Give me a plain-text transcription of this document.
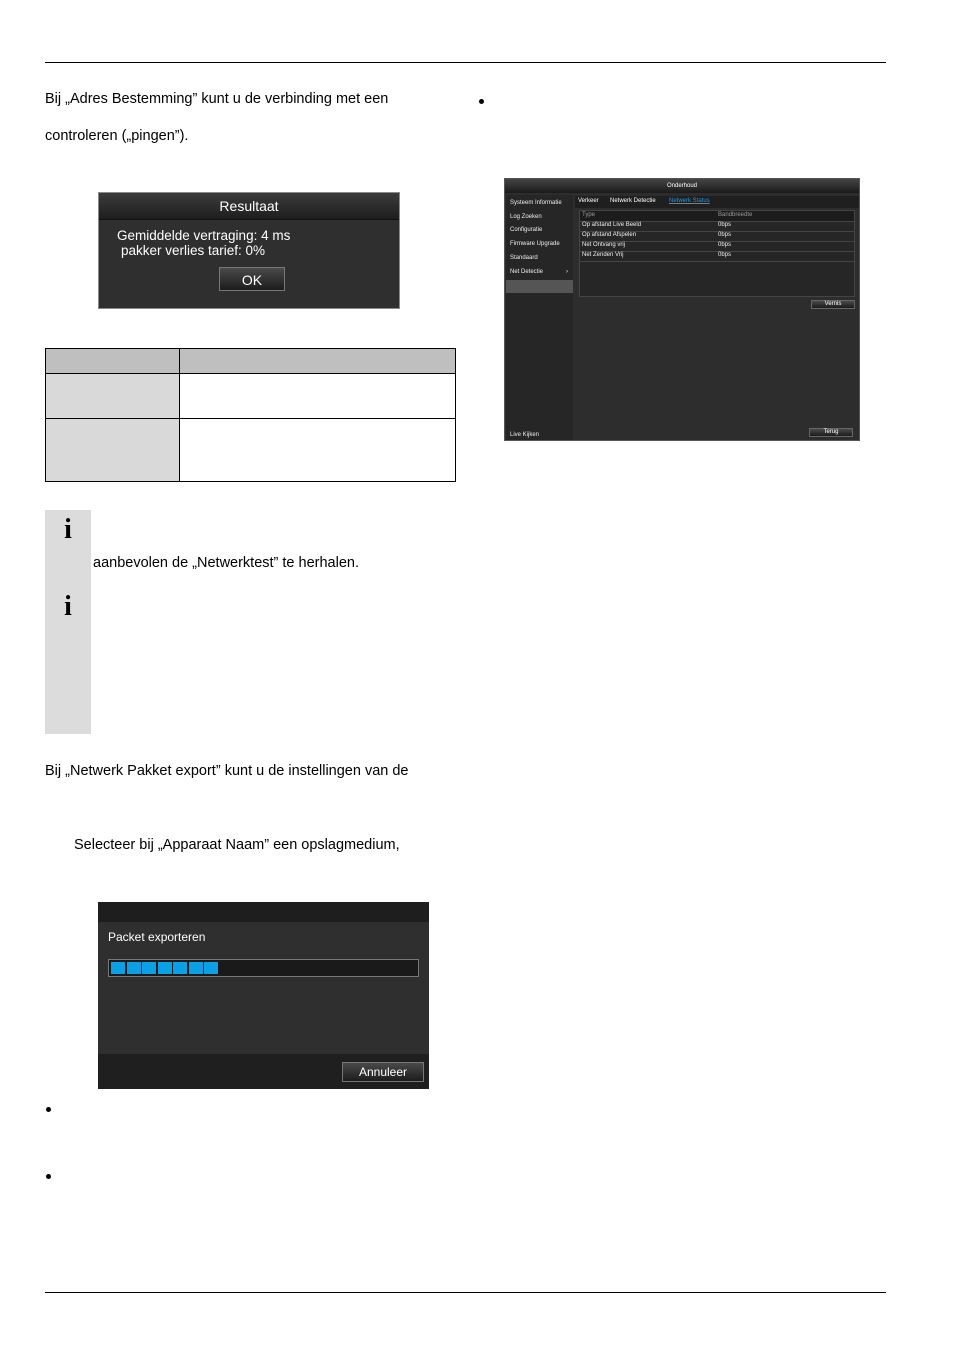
Bij „Adres Bestemming” kunt u de verbinding met een
controleren („pingen”).
Resultaat
Gemiddelde vertraging: 4 ms
pakker verlies tarief: 0%
OK

i
i
aanbevolen de „Netwerktest” te herhalen.
Bij „Netwerk Pakket export” kunt u de instellingen van de
Selecteer bij „Apparaat Naam” een opslagmedium,
Packet exporteren
Annuleer
Onderhoud
Systeem Informatie
Log Zoeken
Configuratie
Firmware Upgrade
Standaard
Net Detectie	›
Live Kijken
Verkeer Netwerk Detectie Netwerk Status
Type	Bandbreedte
Op afstand Live Beeld	0bps
Op afstand Afspelen	0bps
Net Ontvang vrij	0bps
Net Zenden Vrij	0bps
Vernis
Terug
